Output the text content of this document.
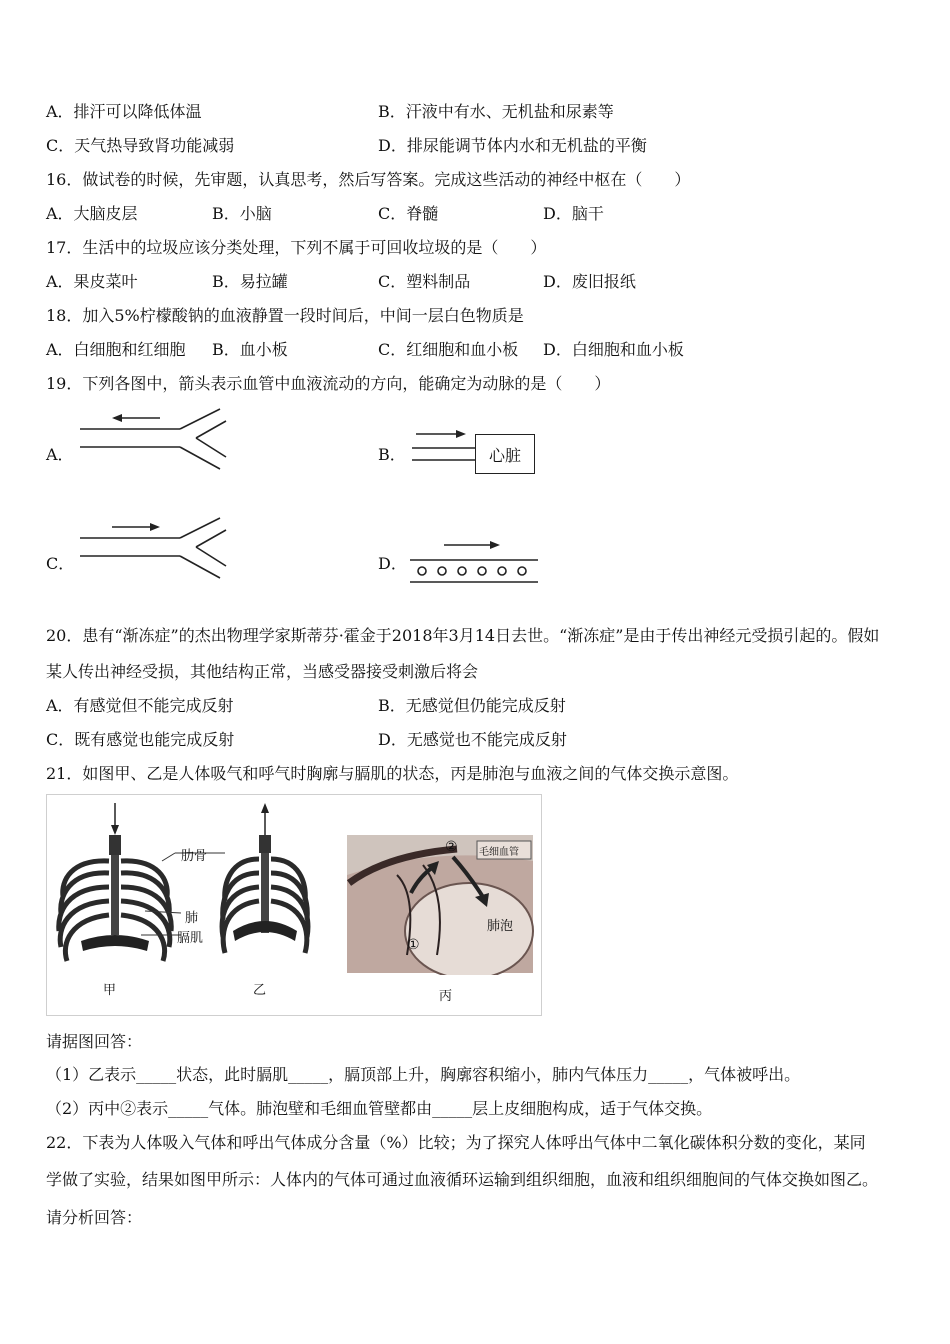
A．排汗可以降低体温	B．汗液中有水、无机盐和尿素等
C．天气热导致肾功能减弱	D．排尿能调节体内水和无机盐的平衡
16．做试卷的时候，先审题，认真思考，然后写答案。完成这些活动的神经中枢在（　　）
A．大脑皮层	B．小脑	C．脊髓	D．脑干
17．生活中的垃圾应该分类处理，下列不属于可回收垃圾的是（　　）
A．果皮菜叶	B．易拉罐	C．塑料制品	D．废旧报纸
18．加入5%柠檬酸钠的血液静置一段时间后，中间一层白色物质是
A．白细胞和红细胞 B．血小板	C．红细胞和血小板 D．白细胞和血小板
19．下列各图中，箭头表示血管中血液流动的方向，能确定为动脉的是（　　）
A．	B．	心脏
C．	D．
20．患有“渐冻症”的杰出物理学家斯蒂芬·霍金于2018年3月14日去世。“渐冻症”是由于传出神经元受损引起的。假如
某人传出神经受损，其他结构正常，当感受器接受刺激后将会
A．有感觉但不能完成反射	B．无感觉但仍能完成反射
C．既有感觉也能完成反射	D．无感觉也不能完成反射
21．如图甲、乙是人体吸气和呼气时胸廓与膈肌的状态，丙是肺泡与血液之间的气体交换示意图。
肋骨
肺
膈肌
甲	乙
② 毛细血管
肺泡
①
丙
请据图回答：
（1）乙表示_____状态，此时膈肌_____，膈顶部上升，胸廓容积缩小，肺内气体压力_____，气体被呼出。
（2）丙中②表示_____气体。肺泡壁和毛细血管壁都由_____层上皮细胞构成，适于气体交换。
22．下表为人体吸入气体和呼出气体成分含量（%）比较；为了探究人体呼出气体中二氧化碳体积分数的变化，某同
学做了实验，结果如图甲所示：人体内的气体可通过血液循环运输到组织细胞，血液和组织细胞间的气体交换如图乙。
请分析回答：
